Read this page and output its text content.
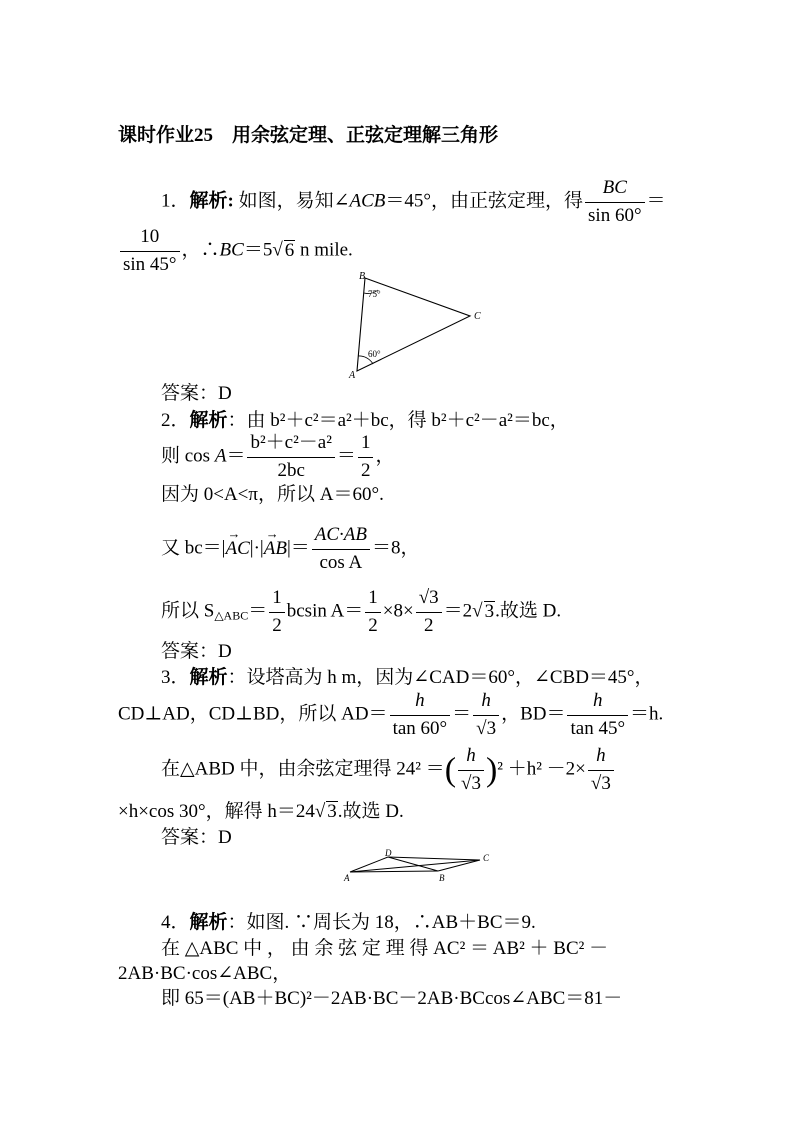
课时作业25　用余弦定理、正弦定理解三角形
1．解析: 如图，易知∠ACB＝45°，由正弦定理，得 $\frac{BC}{\sin 60^\circ}$ ＝
$\frac{10}{\sin 45^\circ}$ ，∴BC＝5√ 6 n mile.
B
A
C
75°
60°
答案：D
2．解析：由 b²＋c²＝a²＋bc，得 b²＋c²－a²＝bc，
则 $\cos A= \frac{\text{b²＋c²－a²}}{2bc} = \frac{1}{2}$ ，
因为 0<A<π，所以 A＝60°.
又 $bc=|\to AC|\cdot|\to AB|= \frac{AC\cdot AB}{\text{cos A}} =8$，
所以 $S_{\triangle ABC}= \frac{1}{2}$ bcsin $A= \frac{1}{2} \times 8\times \frac{√3}{2} =2√$ 3.故选 D.
答案：D
3．解析：设塔高为 h m，因为∠CAD＝60°，∠CBD＝45°，
CD⊥AD，CD⊥BD，所以 $AD= \frac{h}{\tan 60^\circ} = \frac{h}{√3}$ ，$BD= \frac{h}{\tan 45^\circ} =h$.
在△ABD 中，由余弦定理得 24² ＝( $\frac{h}{√3} )^2 +h^2 -2\times \frac{h}{√3}$
×h×cos 30°，解得 h＝24√ 3.故选 D.
答案：D
D	C
A	B
4．解析：如图. ∵周长为 18，∴AB＋BC＝9.
在 △ABC 中 ， 由 余 弦 定 理 得 AC² ＝ AB² ＋ BC² －
2AB·BC·cos∠ABC，
即 65＝(AB＋BC)²－2AB·BC－2AB·BCcos∠ABC＝81－
